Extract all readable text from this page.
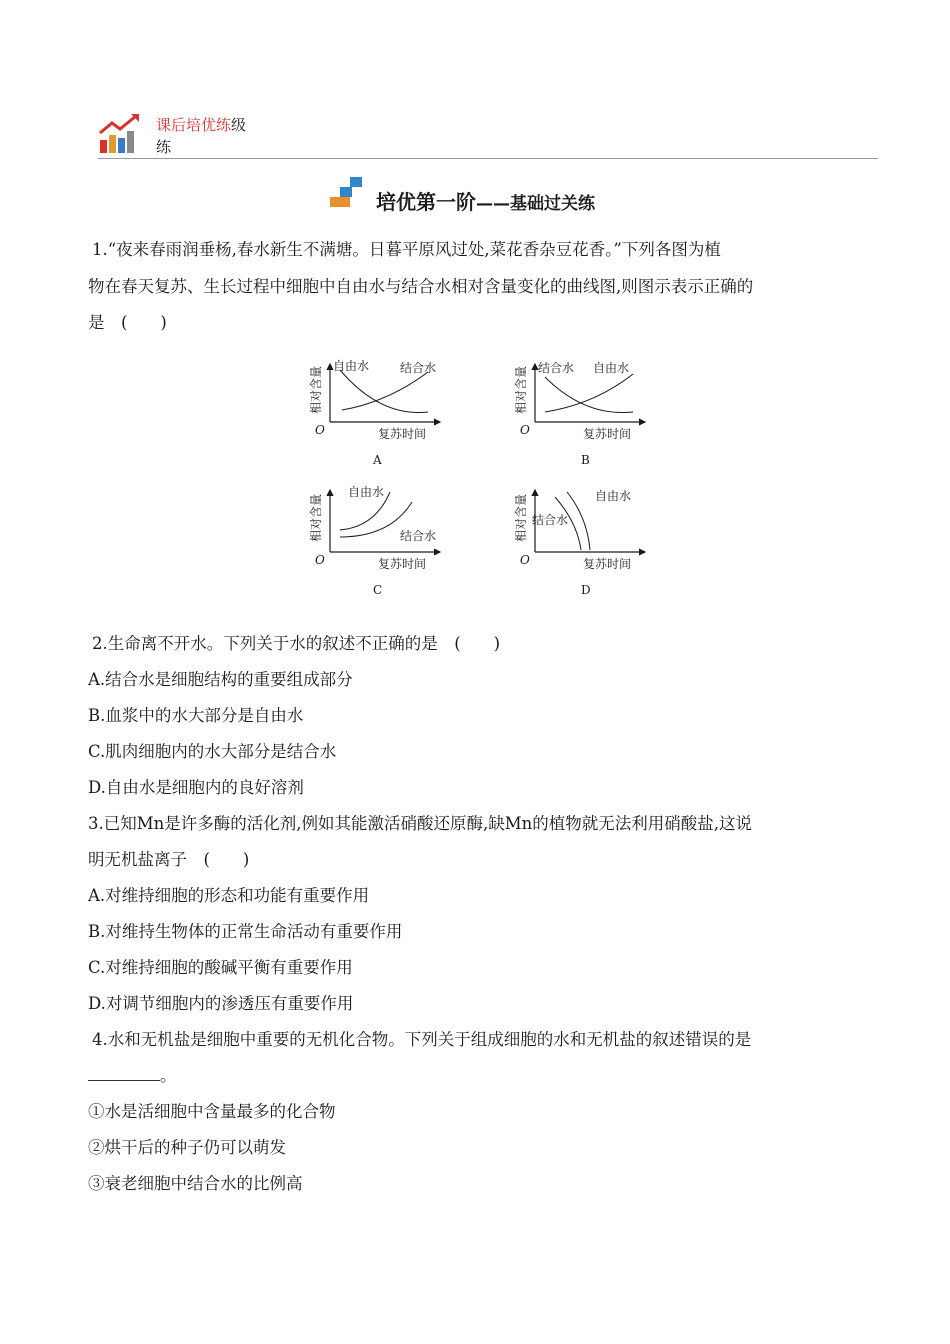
课后培优练级
练
培优第一阶——基础过关练
1.“夜来春雨润垂杨,春水新生不满塘。日暮平原风过处,菜花香杂豆花香。”下列各图为植
物在春天复苏、生长过程中细胞中自由水与结合水相对含量变化的曲线图,则图示表示正确的
是　(　　)
相对含量
O	复苏时间
自由水	结合水
A
相对含量
O	复苏时间
结合水 自由水
B
相对含量
O	复苏时间
自由水
结合水
C
相对含量
O	复苏时间
自由水
结合水
D
2.生命离不开水。下列关于水的叙述不正确的是　(　　)
A.结合水是细胞结构的重要组成部分
B.血浆中的水大部分是自由水
C.肌肉细胞内的水大部分是结合水
D.自由水是细胞内的良好溶剂
3.已知Mn是许多酶的活化剂,例如其能激活硝酸还原酶,缺Mn的植物就无法利用硝酸盐,这说
明无机盐离子　(　　)
A.对维持细胞的形态和功能有重要作用
B.对维持生物体的正常生命活动有重要作用
C.对维持细胞的酸碱平衡有重要作用
D.对调节细胞内的渗透压有重要作用
4.水和无机盐是细胞中重要的无机化合物。下列关于组成细胞的水和无机盐的叙述错误的是
。
①水是活细胞中含量最多的化合物
②烘干后的种子仍可以萌发
③衰老细胞中结合水的比例高
